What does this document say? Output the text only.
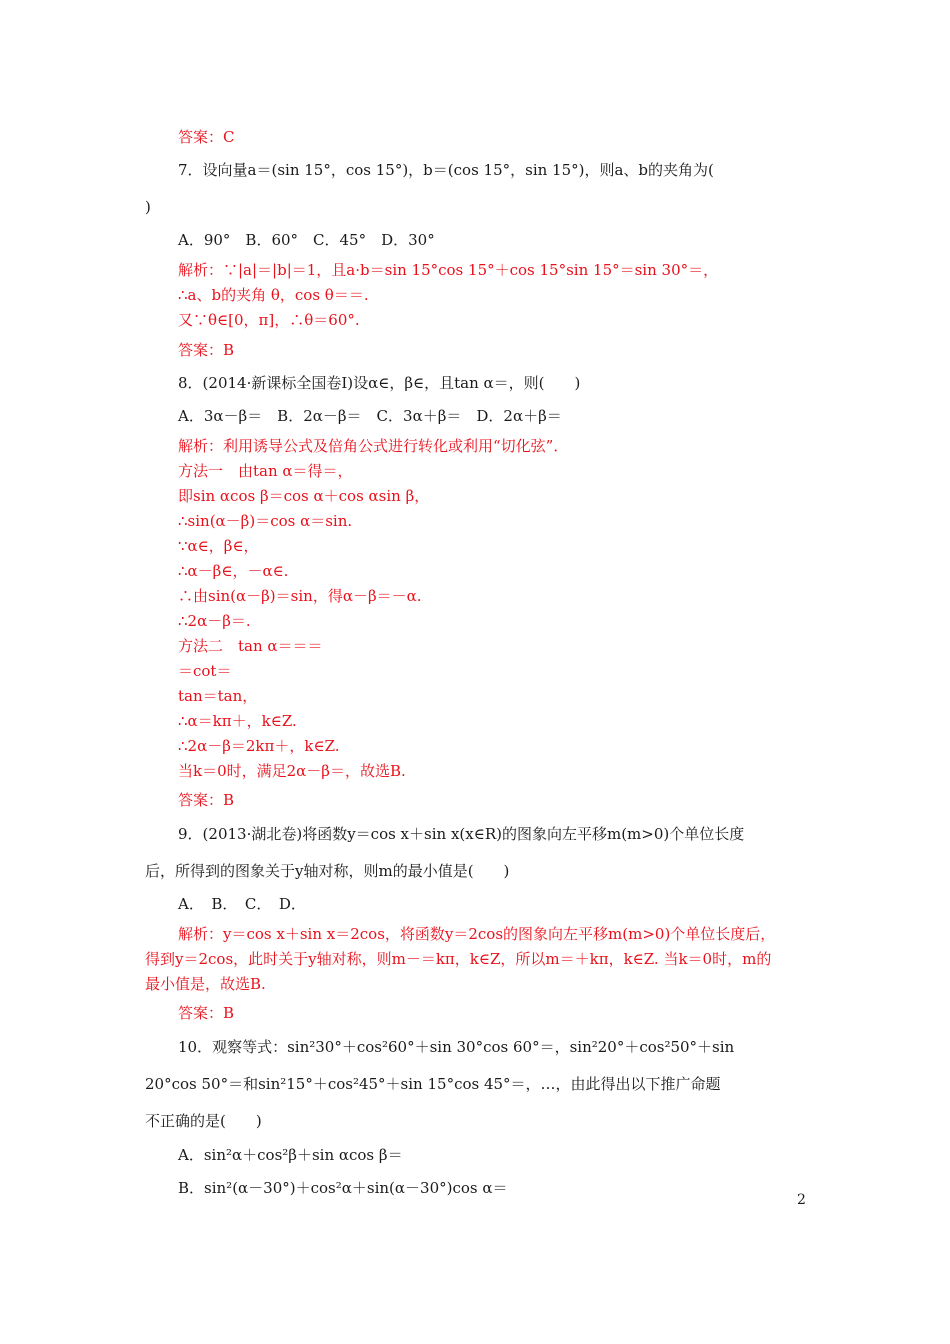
答案：C
7．设向量a＝(sin 15°，cos 15°)，b＝(cos 15°，sin 15°)，则a、b的夹角为(
)
A．90°　B．60°　C．45°　D．30°
解析：∵|a|＝|b|＝1，且a·b＝sin 15°cos 15°＋cos 15°sin 15°＝sin 30°＝，
∴a、b的夹角 θ，cos θ＝＝.
又∵θ∈[0，π]，∴θ＝60°.
答案：B
8．(2014·新课标全国卷Ⅰ)设α∈，β∈，且tan α＝，则(　　)
A．3α－β＝　B．2α－β＝　C．3α＋β＝　D．2α＋β＝
解析：利用诱导公式及倍角公式进行转化或利用“切化弦”．
方法一　由tan α＝得＝，
即sin αcos β＝cos α＋cos αsin β，
∴sin(α－β)＝cos α＝sin.
∵α∈，β∈，
∴α－β∈，－α∈.
∴由sin(α－β)＝sin，得α－β＝－α.
∴2α－β＝.
方法二　tan α＝＝＝
＝cot＝
tan＝tan，
∴α＝kπ＋，k∈Z.
∴2α－β＝2kπ＋，k∈Z.
当k＝0时，满足2α－β＝，故选B.
答案：B
9．(2013·湖北卷)将函数y＝cos x＋sin x(x∈R)的图象向左平移m(m>0)个单位长度
后，所得到的图象关于y轴对称，则m的最小值是(　　)
A．　B．　C．　D．
解析：y＝cos x＋sin x＝2cos，将函数y＝2cos的图象向左平移m(m>0)个单位长度后，
得到y＝2cos，此时关于y轴对称，则m－＝kπ，k∈Z，所以m＝＋kπ，k∈Z. 当k＝0时，m的
最小值是，故选B.
答案：B
10．观察等式：sin²30°＋cos²60°＋sin 30°cos 60°＝，sin²20°＋cos²50°＋sin
20°cos 50°＝和sin²15°＋cos²45°＋sin 15°cos 45°＝，…，由此得出以下推广命题
不正确的是(　　)
A．sin²α＋cos²β＋sin αcos β＝
B．sin²(α－30°)＋cos²α＋sin(α－30°)cos α＝
2
